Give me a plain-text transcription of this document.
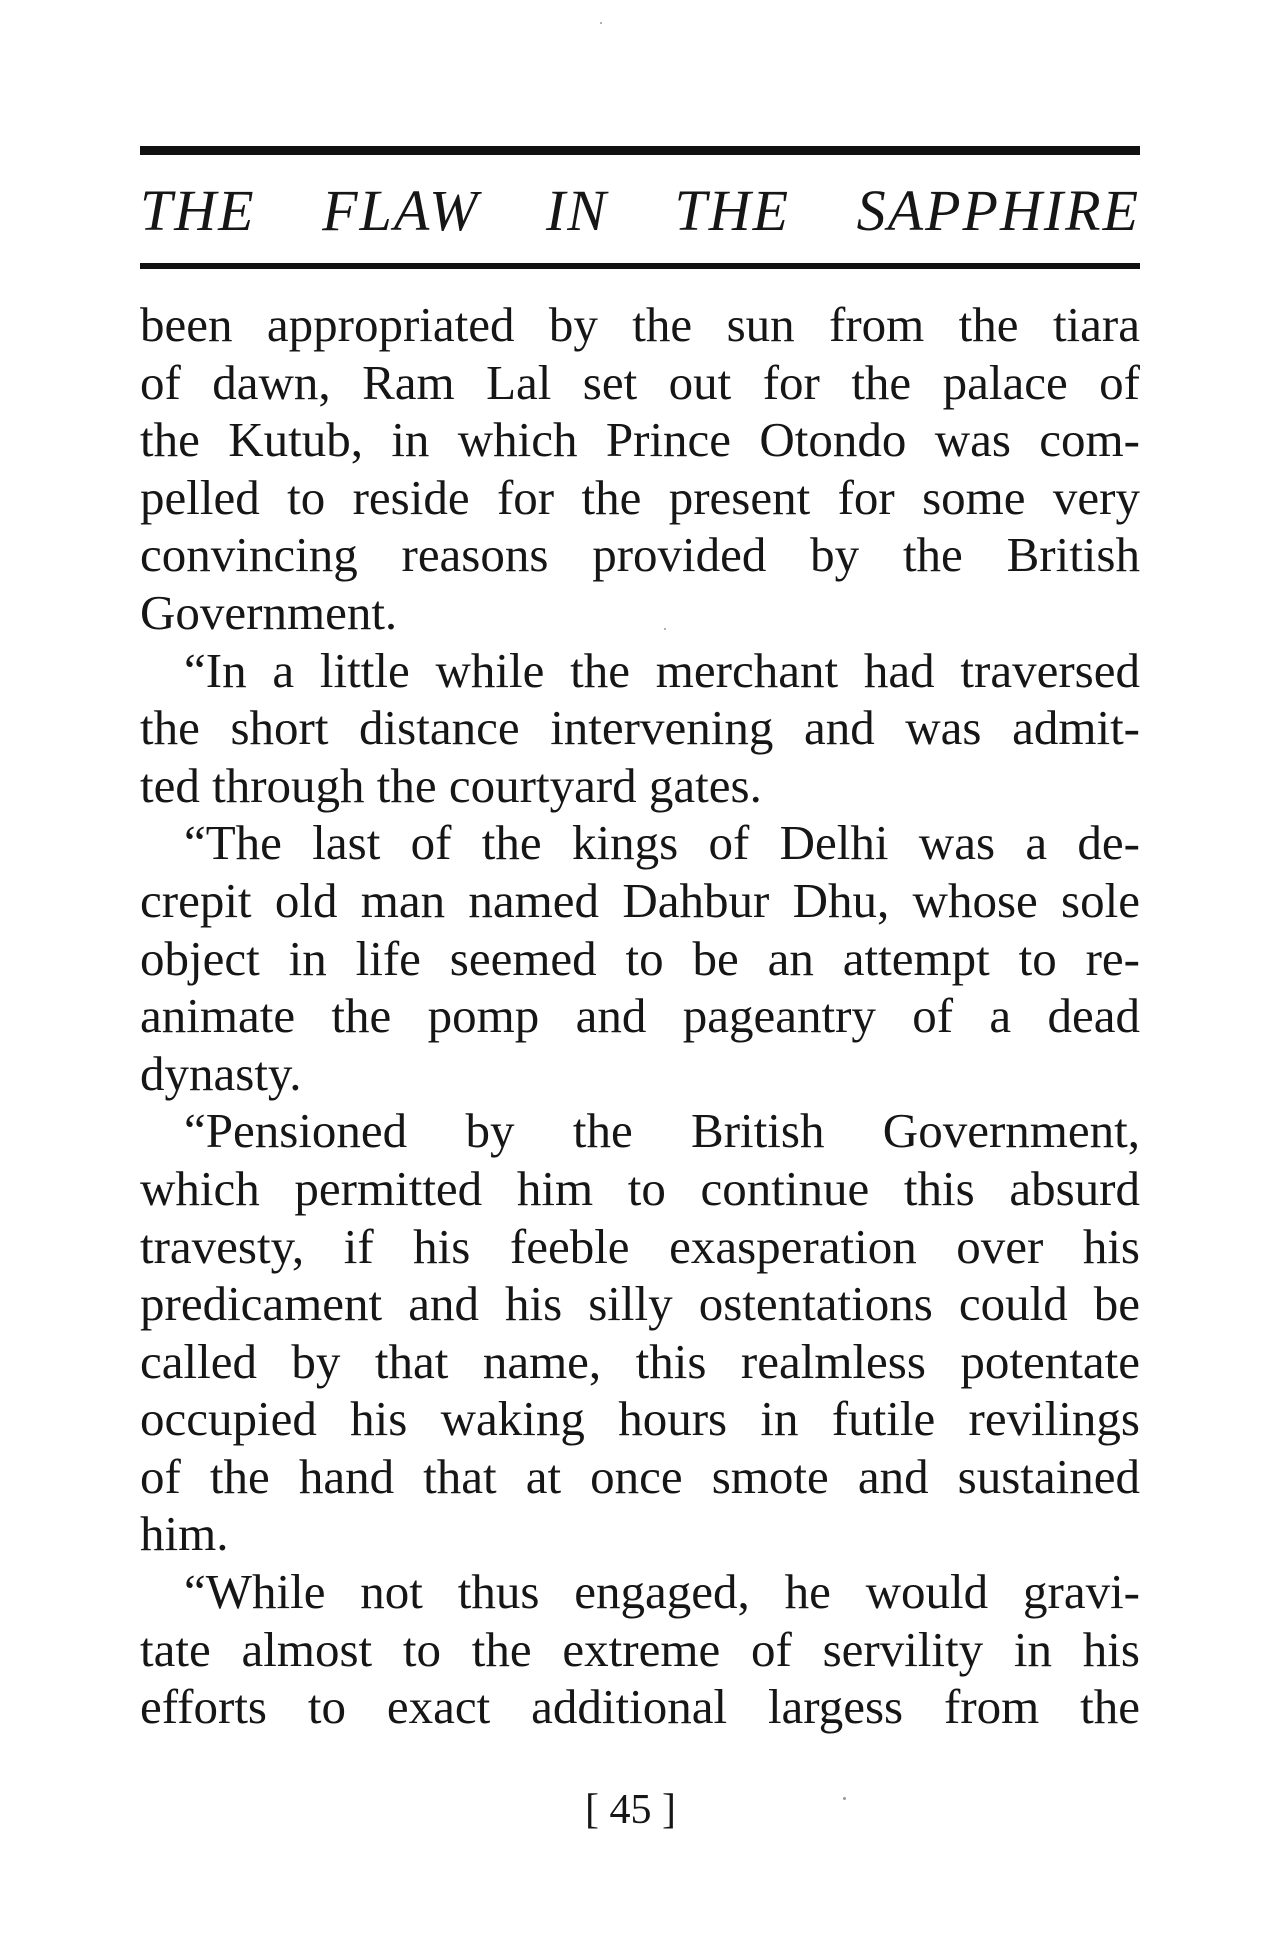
THE FLAW IN THE SAPPHIRE
been appropriated by the sun from the tiara
of dawn, Ram Lal set out for the palace of
the Kutub, in which Prince Otondo was com-
pelled to reside for the present for some very
convincing reasons provided by the British
Government.
“In a little while the merchant had traversed
the short distance intervening and was admit-
ted through the courtyard gates.
“The last of the kings of Delhi was a de-
crepit old man named Dahbur Dhu, whose sole
object in life seemed to be an attempt to re-
animate the pomp and pageantry of a dead
dynasty.
“Pensioned by the British Government,
which permitted him to continue this absurd
travesty, if his feeble exasperation over his
predicament and his silly ostentations could be
called by that name, this realmless potentate
occupied his waking hours in futile revilings
of the hand that at once smote and sustained
him.
“While not thus engaged, he would gravi-
tate almost to the extreme of servility in his
efforts to exact additional largess from the
[ 45 ]
